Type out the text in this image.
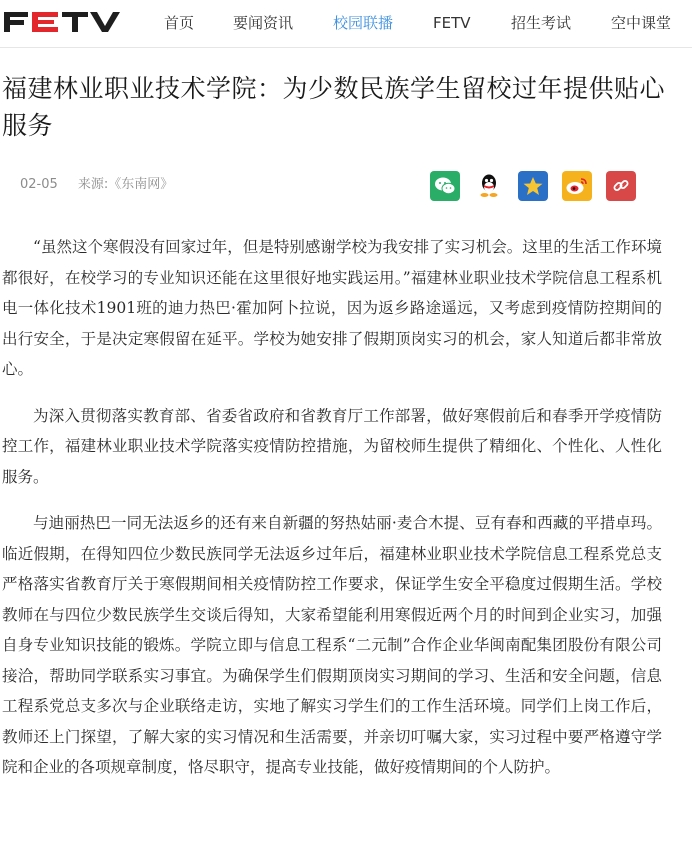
首页	要闻资讯	校园联播	FETV	招生考试	空中课堂
福建林业职业技术学院：为少数民族学生留校过年提供贴心服务
02-05 来源:《东南网》

“虽然这个寒假没有回家过年，但是特别感谢学校为我安排了实习机会。这里的生活工作环境都很好，在校学习的专业知识还能在这里很好地实践运用。”福建林业职业技术学院信息工程系机电一体化技术1901班的迪力热巴·霍加阿卜拉说，因为返乡路途遥远，又考虑到疫情防控期间的出行安全，于是决定寒假留在延平。学校为她安排了假期顶岗实习的机会，家人知道后都非常放心。

为深入贯彻落实教育部、省委省政府和省教育厅工作部署，做好寒假前后和春季开学疫情防控工作，福建林业职业技术学院落实疫情防控措施，为留校师生提供了精细化、个性化、人性化服务。

与迪丽热巴一同无法返乡的还有来自新疆的努热姑丽·麦合木提、豆有春和西藏的平措卓玛。临近假期，在得知四位少数民族同学无法返乡过年后，福建林业职业技术学院信息工程系党总支严格落实省教育厅关于寒假期间相关疫情防控工作要求，保证学生安全平稳度过假期生活。学校教师在与四位少数民族学生交谈后得知，大家希望能利用寒假近两个月的时间到企业实习，加强自身专业知识技能的锻炼。学院立即与信息工程系“二元制”合作企业华闽南配集团股份有限公司接洽，帮助同学联系实习事宜。为确保学生们假期顶岗实习期间的学习、生活和安全问题，信息工程系党总支多次与企业联络走访，实地了解实习学生们的工作生活环境。同学们上岗工作后，教师还上门探望，了解大家的实习情况和生活需要，并亲切叮嘱大家，实习过程中要严格遵守学院和企业的各项规章制度，恪尽职守，提高专业技能，做好疫情期间的个人防护。
